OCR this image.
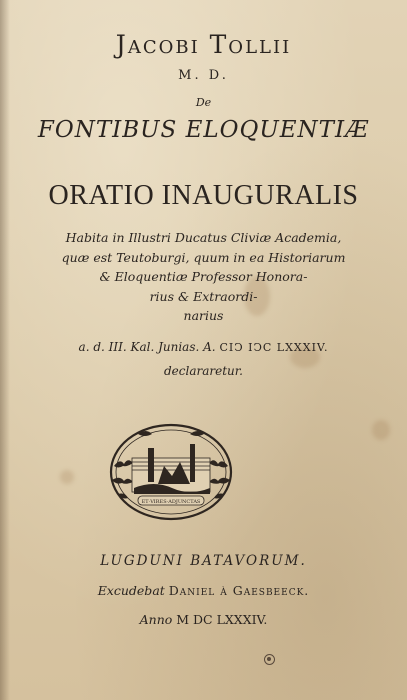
Jacobi Tollii
M. D.
De
FONTIBUS ELOQUENTIÆ
ORATIO INAUGURALIS
Habita in Illustri Ducatus Cliviæ Academia,
quæ est Teutoburgi, quum in ea Historiarum
& Eloquentiæ Professor Honora-
rius & Extraordi-
narius
a. d. III. Kal. Junias. A. CIↃ IↃC LXXXIV.
declararetur.
ET·VIRES·ADJUNCTAS
LUGDUNI BATAVORUM.
Excudebat Daniel à Gaesbeeck.
Anno M DC LXXXIV.
